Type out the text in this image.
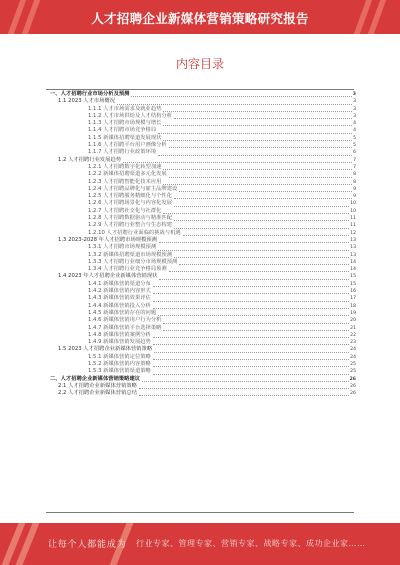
人才招聘企业新媒体营销策略研究报告
内容目录
一、人才招聘行业市场分析及预测	3
1.1 2023 人才市场概况	3
1.1.1 人才市场需求及就业趋势	3
1.1.2 人才市场供给及人才结构分析	3
1.1.3 人才招聘市场规模与增长	4
1.1.4 人才招聘市场竞争格局	4
1.1.5 新媒体招聘渠道发展现状	5
1.1.6 人才招聘平台用户画像分析	5
1.1.7 人才招聘行业政策环境	6
1.2 人才招聘行业发展趋势	7
1.2.1 人才招聘数字化转型加速	7
1.2.2 新媒体招聘渠道多元化发展	8
1.2.3 人才招聘智能化技术应用	8
1.2.4 人才招聘品牌化与雇主品牌建设	9
1.2.5 人才招聘服务精细化与个性化	9
1.2.6 人才招聘场景化与内容化发展	10
1.2.7 人才招聘社交化与社群化	10
1.2.8 人才招聘数据驱动与精准匹配	11
1.2.9 人才招聘行业整合与生态构建	11
1.2.10 人才招聘行业面临的挑战与机遇	12
1.3 2023-2028 年人才招聘市场规模预测	13
1.3.1 人才招聘市场规模预测	13
1.3.2 新媒体招聘渠道市场规模预测	13
1.3.3 人才招聘行业细分市场规模预测	14
1.3.4 人才招聘行业竞争格局预测	14
1.4 2023 年人才招聘企业新媒体营销现状	15
1.4.1 新媒体营销渠道分布	15
1.4.2 新媒体营销内容形式	16
1.4.3 新媒体营销效果评估	17
1.4.4 新媒体营销投入分析	18
1.4.5 新媒体营销存在的问题	19
1.4.6 新媒体营销用户行为分析	20
1.4.7 新媒体营销平台选择策略	21
1.4.8 新媒体营销案例分析	22
1.4.9 新媒体营销发展趋势	23
1.5 2023 人才招聘企业新媒体营销策略	24
1.5.1 新媒体营销定位策略	24
1.5.2 新媒体营销内容策略	25
1.5.3 新媒体营销渠道策略	25
二、人才招聘企业新媒体营销策略建议	26
2.1 人才招聘企业新媒体营销策略	26
2.2 人才招聘企业新媒体营销总结	26
让每个人都能成为 行业专家、管理专家、营销专家、战略专家、成功企业家……
